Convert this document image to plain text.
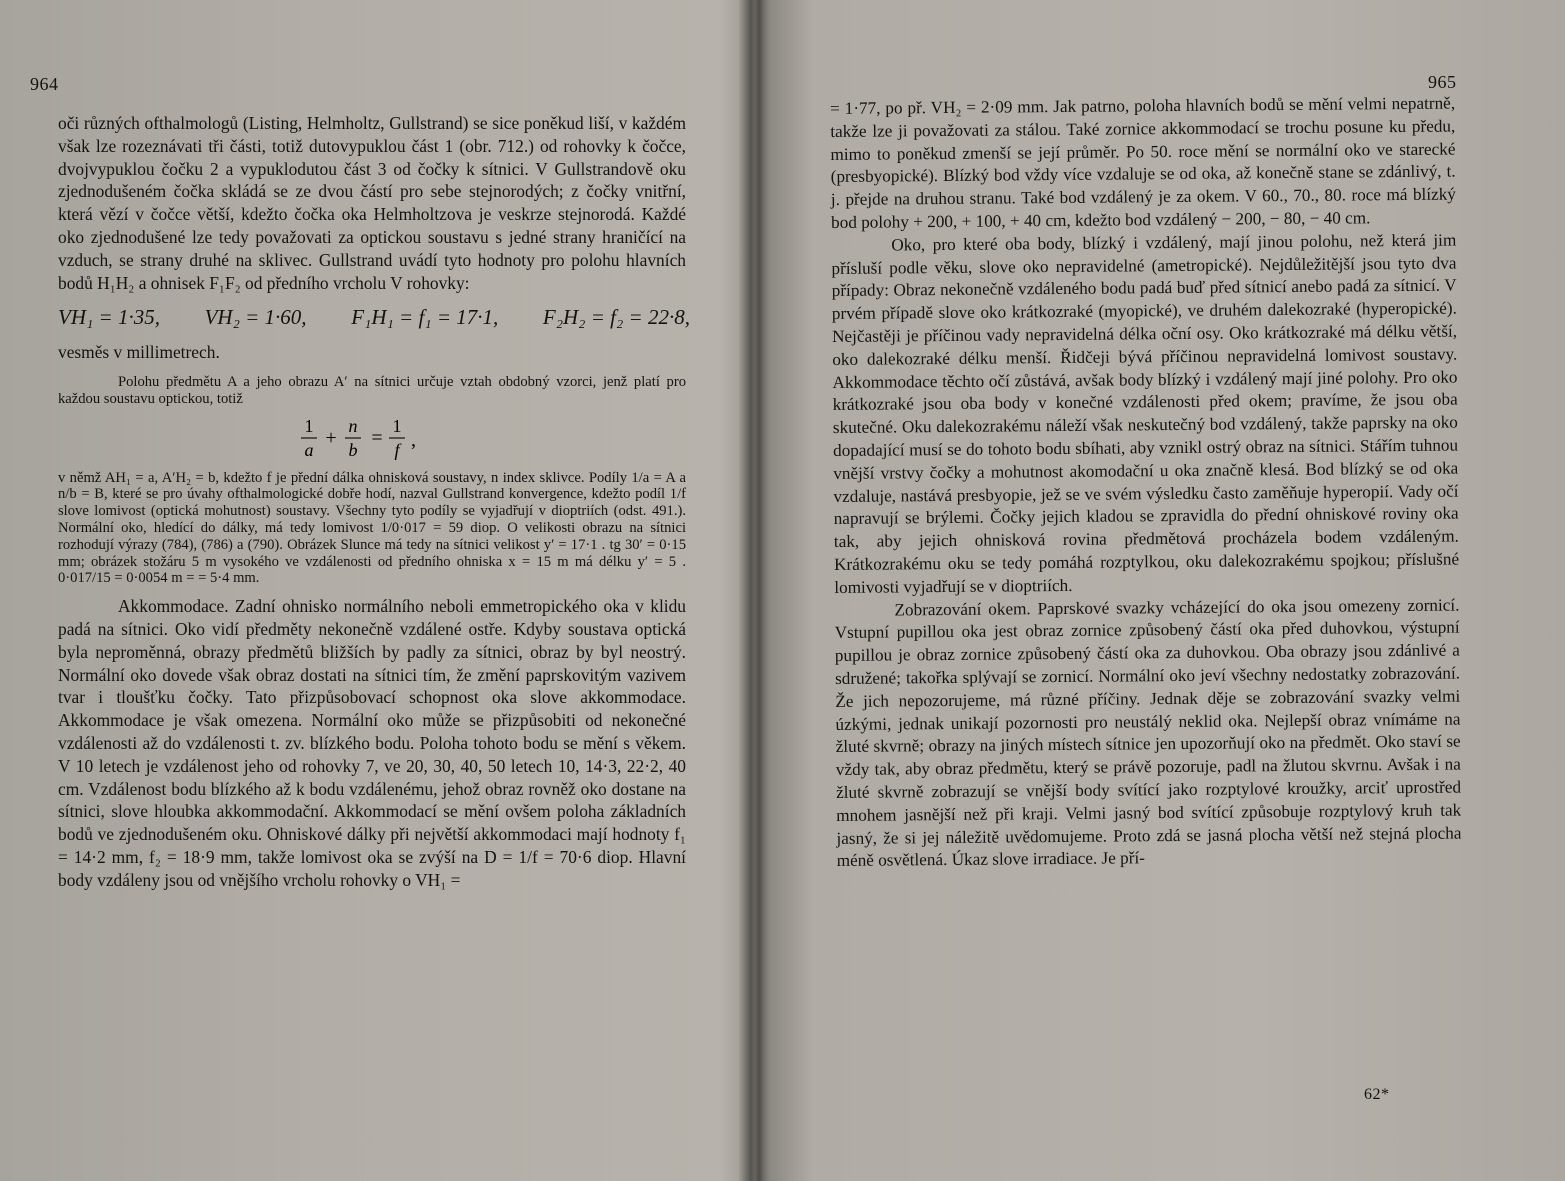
964

oči různých ofthalmologů (Listing, Helmholtz, Gullstrand) se sice poněkud liší, v každém však lze rozeznávati tři části, totiž dutovypuklou část 1 (obr. 712.) od rohovky k čočce, dvojvypuklou čočku 2 a vypuklodutou část 3 od čočky k sítnici. V Gullstrandově oku zjednodušeném čočka skládá se ze dvou částí pro sebe stejnorodých; z čočky vnitřní, která vězí v čočce větší, kdežto čočka oka Helmholtzova je veskrze stejnorodá. Každé oko zjednodušené lze tedy považovati za optickou soustavu s jedné strany hraničící na vzduch, se strany druhé na sklivec. Gullstrand uvádí tyto hodnoty pro polohu hlavních bodů H₁H₂ a ohnisek F₁F₂ od předního vrcholu V rohovky:

VH₁ = 1·35, VH₂ = 1·60, F₁H₁ = f₁ = 17·1, F₂H₂ = f₂ = 22·8,

vesměs v millimetrech.

Polohu předmětu A a jeho obrazu A′ na sítnici určuje vztah obdobný vzorci, jenž platí pro každou soustavu optickou, totiž

1
a
+
n
b
=
1
f ,

v němž AH₁ = a, A′H₂ = b, kdežto f je přední dálka ohnisková soustavy, n index sklivce. Podíly 1/a = A a n/b = B, které se pro úvahy ofthalmologické dobře hodí, nazval Gullstrand konvergence, kdežto podíl 1/f slove lomivost (optická mohutnost) soustavy. Všechny tyto podíly se vyjadřují v dioptriích (odst. 491.). Normální oko, hledící do dálky, má tedy lomivost 1/0·017 = 59 diop. O velikosti obrazu na sítnici rozhodují výrazy (784), (786) a (790). Obrázek Slunce má tedy na sítnici velikost y′ = 17·1 . tg 30′ = 0·15 mm; obrázek stožáru 5 m vysokého ve vzdálenosti od předního ohniska x = 15 m má délku y′ = 5 . 0·017/15 = 0·0054 m = = 5·4 mm.

Akkommodace. Zadní ohnisko normálního neboli emmetropického oka v klidu padá na sítnici. Oko vidí předměty nekonečně vzdálené ostře. Kdyby soustava optická byla neproměnná, obrazy předmětů bližších by padly za sítnici, obraz by byl neostrý. Normální oko dovede však obraz dostati na sítnici tím, že změní paprskovitým vazivem tvar i tloušťku čočky. Tato přizpůsobovací schopnost oka slove akkommodace. Akkommodace je však omezena. Normální oko může se přizpůsobiti od nekonečné vzdálenosti až do vzdálenosti t. zv. blízkého bodu. Poloha tohoto bodu se mění s věkem. V 10 letech je vzdálenost jeho od rohovky 7, ve 20, 30, 40, 50 letech 10, 14·3, 22·2, 40 cm. Vzdálenost bodu blízkého až k bodu vzdálenému, jehož obraz rovněž oko dostane na sítnici, slove hloubka akkommodační. Akkommodací se mění ovšem poloha základních bodů ve zjednodušeném oku. Ohniskové dálky při největší akkommodaci mají hodnoty f₁ = 14·2 mm, f₂ = 18·9 mm, takže lomivost oka se zvýší na D = 1/f = 70·6 diop. Hlavní body vzdáleny jsou od vnějšího vrcholu rohovky o VH₁ =

965

= 1·77, po př. VH₂ = 2·09 mm. Jak patrno, poloha hlavních bodů se mění velmi nepatrně, takže lze ji považovati za stálou. Také zornice akkommodací se trochu posune ku předu, mimo to poněkud zmenší se její průměr. Po 50. roce mění se normální oko ve starecké (presbyopické). Blízký bod vždy více vzdaluje se od oka, až konečně stane se zdánlivý, t. j. přejde na druhou stranu. Také bod vzdálený je za okem. V 60., 70., 80. roce má blízký bod polohy + 200, + 100, + 40 cm, kdežto bod vzdálený − 200, − 80, − 40 cm.

Oko, pro které oba body, blízký i vzdálený, mají jinou polohu, než která jim přísluší podle věku, slove oko nepravidelné (ametropické). Nejdůležitější jsou tyto dva případy: Obraz nekonečně vzdáleného bodu padá buď před sítnicí anebo padá za sítnicí. V prvém případě slove oko krátkozraké (myopické), ve druhém dalekozraké (hyperopické). Nejčastěji je příčinou vady nepravidelná délka oční osy. Oko krátkozraké má délku větší, oko dalekozraké délku menší. Řidčeji bývá příčinou nepravidelná lomivost soustavy. Akkommodace těchto očí zůstává, avšak body blízký i vzdálený mají jiné polohy. Pro oko krátkozraké jsou oba body v konečné vzdálenosti před okem; pravíme, že jsou oba skutečné. Oku dalekozrakému náleží však neskutečný bod vzdálený, takže paprsky na oko dopadající musí se do tohoto bodu sbíhati, aby vznikl ostrý obraz na sítnici. Stářím tuhnou vnější vrstvy čočky a mohutnost akomodační u oka značně klesá. Bod blízký se od oka vzdaluje, nastává presbyopie, jež se ve svém výsledku často zaměňuje hyperopií. Vady očí napravují se brýlemi. Čočky jejich kladou se zpravidla do přední ohniskové roviny oka tak, aby jejich ohnisková rovina předmětová procházela bodem vzdáleným. Krátkozrakému oku se tedy pomáhá rozptylkou, oku dalekozrakému spojkou; příslušné lomivosti vyjadřují se v dioptriích.

Zobrazování okem. Paprskové svazky vcházející do oka jsou omezeny zornicí. Vstupní pupillou oka jest obraz zornice způsobený částí oka před duhovkou, výstupní pupillou je obraz zornice způsobený částí oka za duhovkou. Oba obrazy jsou zdánlivé a sdružené; takořka splývají se zornicí. Normální oko jeví všechny nedostatky zobrazování. Že jich nepozorujeme, má různé příčiny. Jednak děje se zobrazování svazky velmi úzkými, jednak unikají pozornosti pro neustálý neklid oka. Nejlepší obraz vnímáme na žluté skvrně; obrazy na jiných místech sítnice jen upozorňují oko na předmět. Oko staví se vždy tak, aby obraz předmětu, který se právě pozoruje, padl na žlutou skvrnu. Avšak i na žluté skvrně zobrazují se vnější body svítící jako rozptylové kroužky, arciť uprostřed mnohem jasnější než při kraji. Velmi jasný bod svítící způsobuje rozptylový kruh tak jasný, že si jej náležitě uvědomujeme. Proto zdá se jasná plocha větší než stejná plocha méně osvětlená. Úkaz slove irradiace. Je pří-

62*
